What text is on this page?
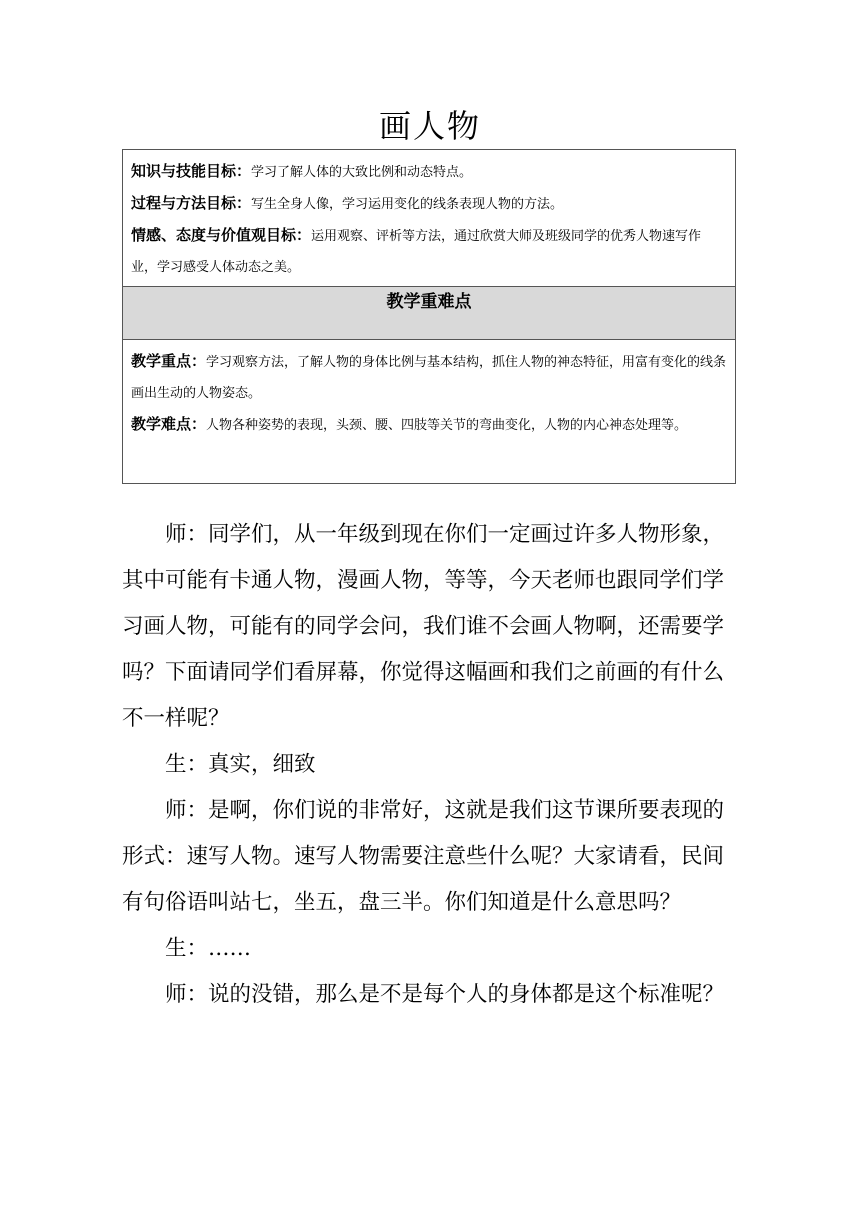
画人物
知识与技能目标：学习了解人体的大致比例和动态特点。
过程与方法目标：写生全身人像，学习运用变化的线条表现人物的方法。
情感、态度与价值观目标：运用观察、评析等方法，通过欣赏大师及班级同学的优秀人物速写作业，学习感受人体动态之美。
教学重难点
教学重点：学习观察方法，了解人物的身体比例与基本结构，抓住人物的神态特征，用富有变化的线条画出生动的人物姿态。
教学难点：人物各种姿势的表现，头颈、腰、四肢等关节的弯曲变化，人物的内心神态处理等。

师：同学们，从一年级到现在你们一定画过许多人物形象，其中可能有卡通人物，漫画人物，等等，今天老师也跟同学们学习画人物，可能有的同学会问，我们谁不会画人物啊，还需要学吗？下面请同学们看屏幕，你觉得这幅画和我们之前画的有什么不一样呢？

生：真实，细致

师：是啊，你们说的非常好，这就是我们这节课所要表现的形式：速写人物。速写人物需要注意些什么呢？大家请看，民间有句俗语叫站七，坐五，盘三半。你们知道是什么意思吗？

生：……

师：说的没错，那么是不是每个人的身体都是这个标准呢？
